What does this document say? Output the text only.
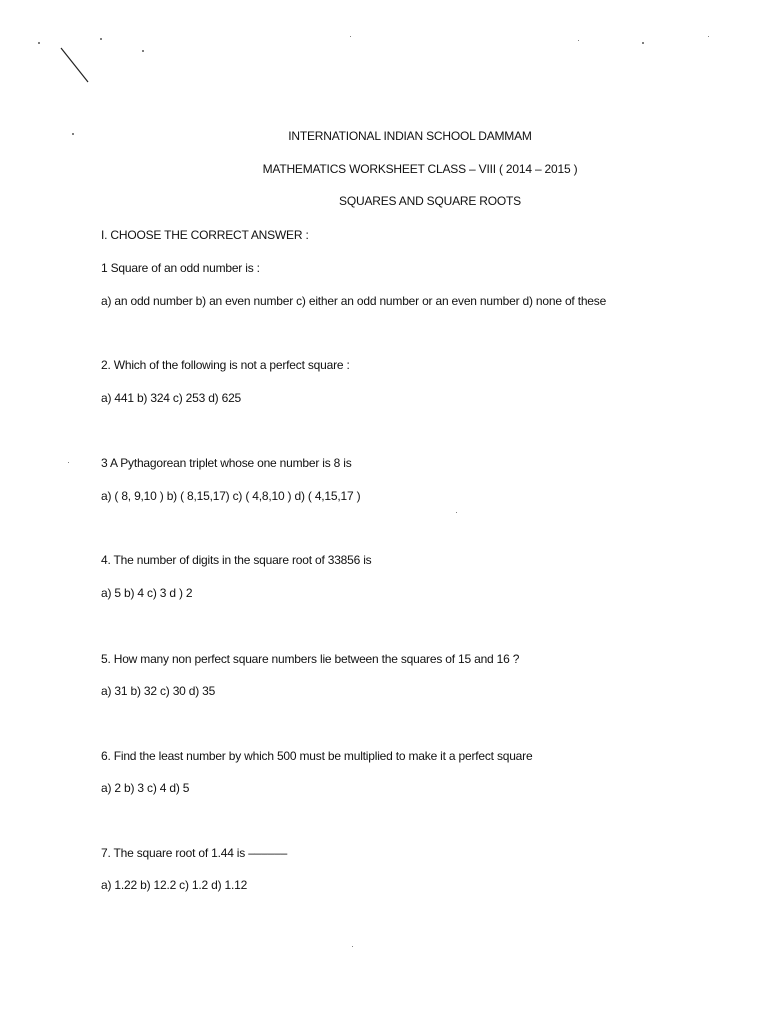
INTERNATIONAL INDIAN SCHOOL DAMMAM
MATHEMATICS WORKSHEET CLASS – VIII ( 2014 – 2015 )
SQUARES AND SQUARE ROOTS
I. CHOOSE THE CORRECT ANSWER :
1 Square of an odd number is :
a) an odd number b) an even number c) either an odd number or an even number d) none of these
2. Which of the following is not a perfect square :
a) 441 b) 324 c) 253 d) 625
3 A Pythagorean triplet whose one number is 8 is
a) ( 8, 9,10 ) b) ( 8,15,17) c) ( 4,8,10 ) d) ( 4,15,17 )
4. The number of digits in the square root of 33856 is
a) 5 b) 4 c) 3 d ) 2
5. How many non perfect square numbers lie between the squares of 15 and 16 ?
a) 31 b) 32 c) 30 d) 35
6. Find the least number by which 500 must be multiplied to make it a perfect square
a) 2 b) 3 c) 4 d) 5
7. The square root of 1.44 is ––––––
a) 1.22 b) 12.2 c) 1.2 d) 1.12
